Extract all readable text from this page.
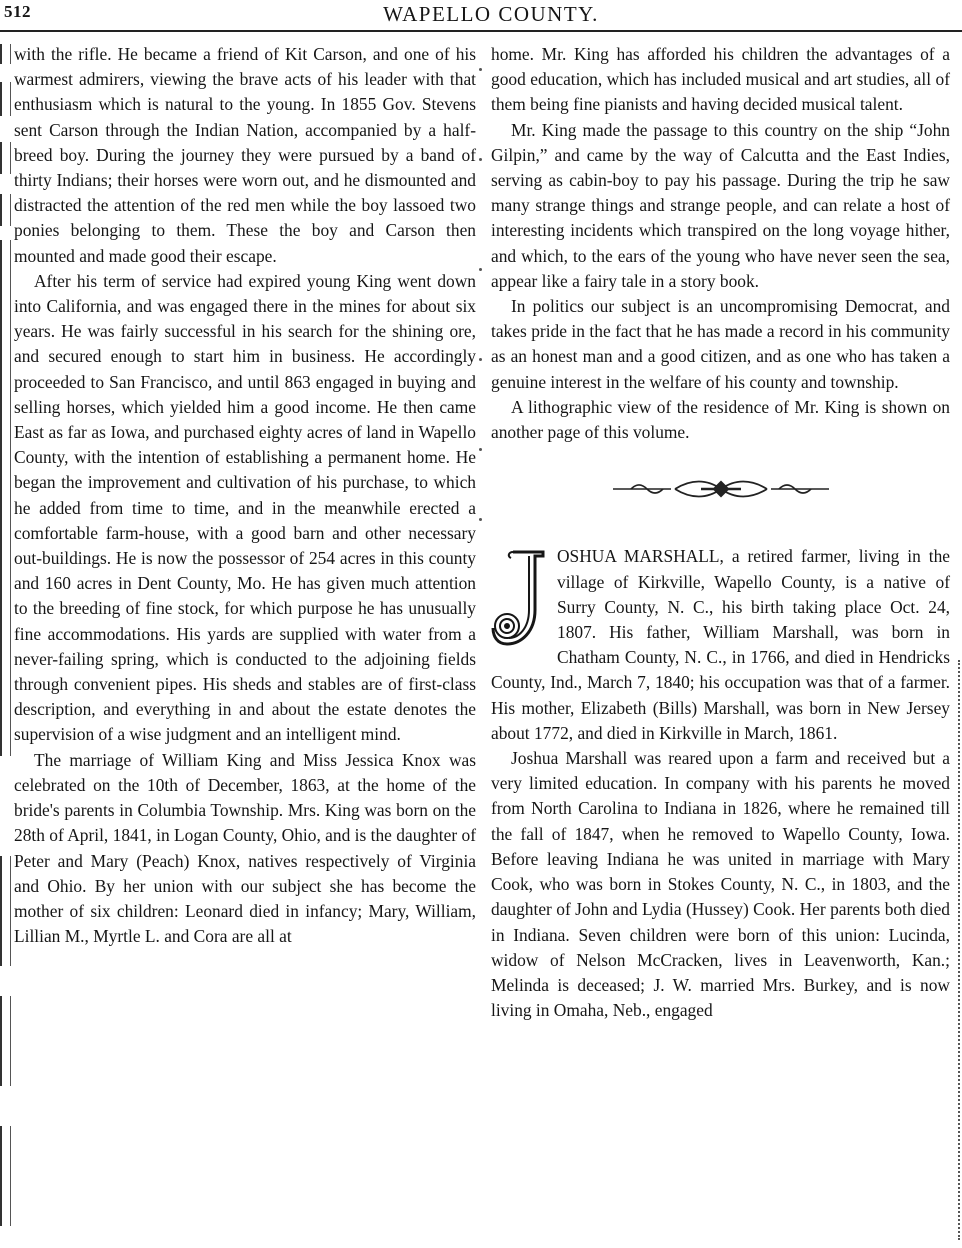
512	WAPELLO COUNTY.

with the rifle. He became a friend of Kit Carson, and one of his warmest admirers, viewing the brave acts of his leader with that enthusiasm which is natural to the young. In 1855 Gov. Stevens sent Carson through the Indian Nation, accompanied by a half-breed boy. During the journey they were pursued by a band of thirty Indians; their horses were worn out, and he dismounted and distracted the attention of the red men while the boy lassoed two ponies belonging to them. These the boy and Carson then mounted and made good their escape.

After his term of service had expired young King went down into California, and was engaged there in the mines for about six years. He was fairly successful in his search for the shining ore, and secured enough to start him in business. He accordingly proceeded to San Francisco, and until 863 engaged in buying and selling horses, which yielded him a good income. He then came East as far as Iowa, and purchased eighty acres of land in Wapello County, with the intention of establishing a permanent home. He began the improvement and cultivation of his purchase, to which he added from time to time, and in the meanwhile erected a comfortable farm-house, with a good barn and other necessary out-buildings. He is now the possessor of 254 acres in this county and 160 acres in Dent County, Mo. He has given much attention to the breeding of fine stock, for which purpose he has unusually fine accommodations. His yards are supplied with water from a never-failing spring, which is conducted to the adjoining fields through convenient pipes. His sheds and stables are of first-class description, and everything in and about the estate denotes the supervision of a wise judgment and an intelligent mind.

The marriage of William King and Miss Jessica Knox was celebrated on the 10th of December, 1863, at the home of the bride's parents in Columbia Township. Mrs. King was born on the 28th of April, 1841, in Logan County, Ohio, and is the daughter of Peter and Mary (Peach) Knox, natives respectively of Virginia and Ohio. By her union with our subject she has become the mother of six children: Leonard died in infancy; Mary, William, Lillian M., Myrtle L. and Cora are all at

home. Mr. King has afforded his children the advantages of a good education, which has included musical and art studies, all of them being fine pianists and having decided musical talent.

Mr. King made the passage to this country on the ship “John Gilpin,” and came by the way of Calcutta and the East Indies, serving as cabin-boy to pay his passage. During the trip he saw many strange things and strange people, and can relate a host of interesting incidents which transpired on the long voyage hither, and which, to the ears of the young who have never seen the sea, appear like a fairy tale in a story book.

In politics our subject is an uncompromising Democrat, and takes pride in the fact that he has made a record in his community as an honest man and a good citizen, and as one who has taken a genuine interest in the welfare of his county and township.

A lithographic view of the residence of Mr. King is shown on another page of this volume.

OSHUA MARSHALL, a retired farmer, living in the village of Kirkville, Wapello County, is a native of Surry County, N. C., his birth taking place Oct. 24, 1807. His father, William Marshall, was born in Chatham County, N. C., in 1766, and died in Hendricks County, Ind., March 7, 1840; his occupation was that of a farmer. His mother, Elizabeth (Bills) Marshall, was born in New Jersey about 1772, and died in Kirkville in March, 1861.

Joshua Marshall was reared upon a farm and received but a very limited education. In company with his parents he moved from North Carolina to Indiana in 1826, where he remained till the fall of 1847, when he removed to Wapello County, Iowa. Before leaving Indiana he was united in marriage with Mary Cook, who was born in Stokes County, N. C., in 1803, and the daughter of John and Lydia (Hussey) Cook. Her parents both died in Indiana. Seven children were born of this union: Lucinda, widow of Nelson McCracken, lives in Leavenworth, Kan.; Melinda is deceased; J. W. married Mrs. Burkey, and is now living in Omaha, Neb., engaged
